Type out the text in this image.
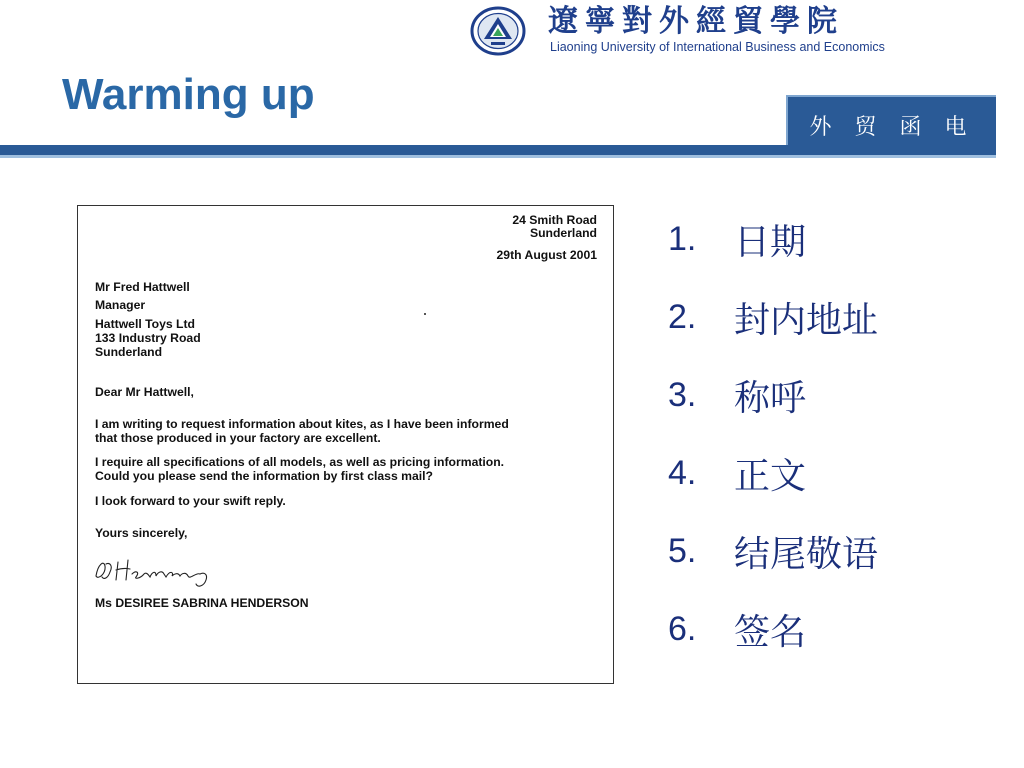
遼寧對外經貿學院
Liaoning University of International Business and Economics
Warming up
外 贸 函 电
24 Smith Road
Sunderland
29th August 2001
Mr Fred Hattwell
Manager
Hattwell Toys Ltd
133 Industry Road
Sunderland
Dear Mr Hattwell,
I am writing to request information about kites, as I have been informed
that those produced in your factory are excellent.
I require all specifications of all models, as well as pricing information.
Could you please send the information by first class mail?
I look forward to your swift reply.
Yours sincerely,
Ms DESIREE SABRINA HENDERSON
1.	日期
2.	封内地址
3.	称呼
4.	正文
5.	结尾敬语
6.	签名
